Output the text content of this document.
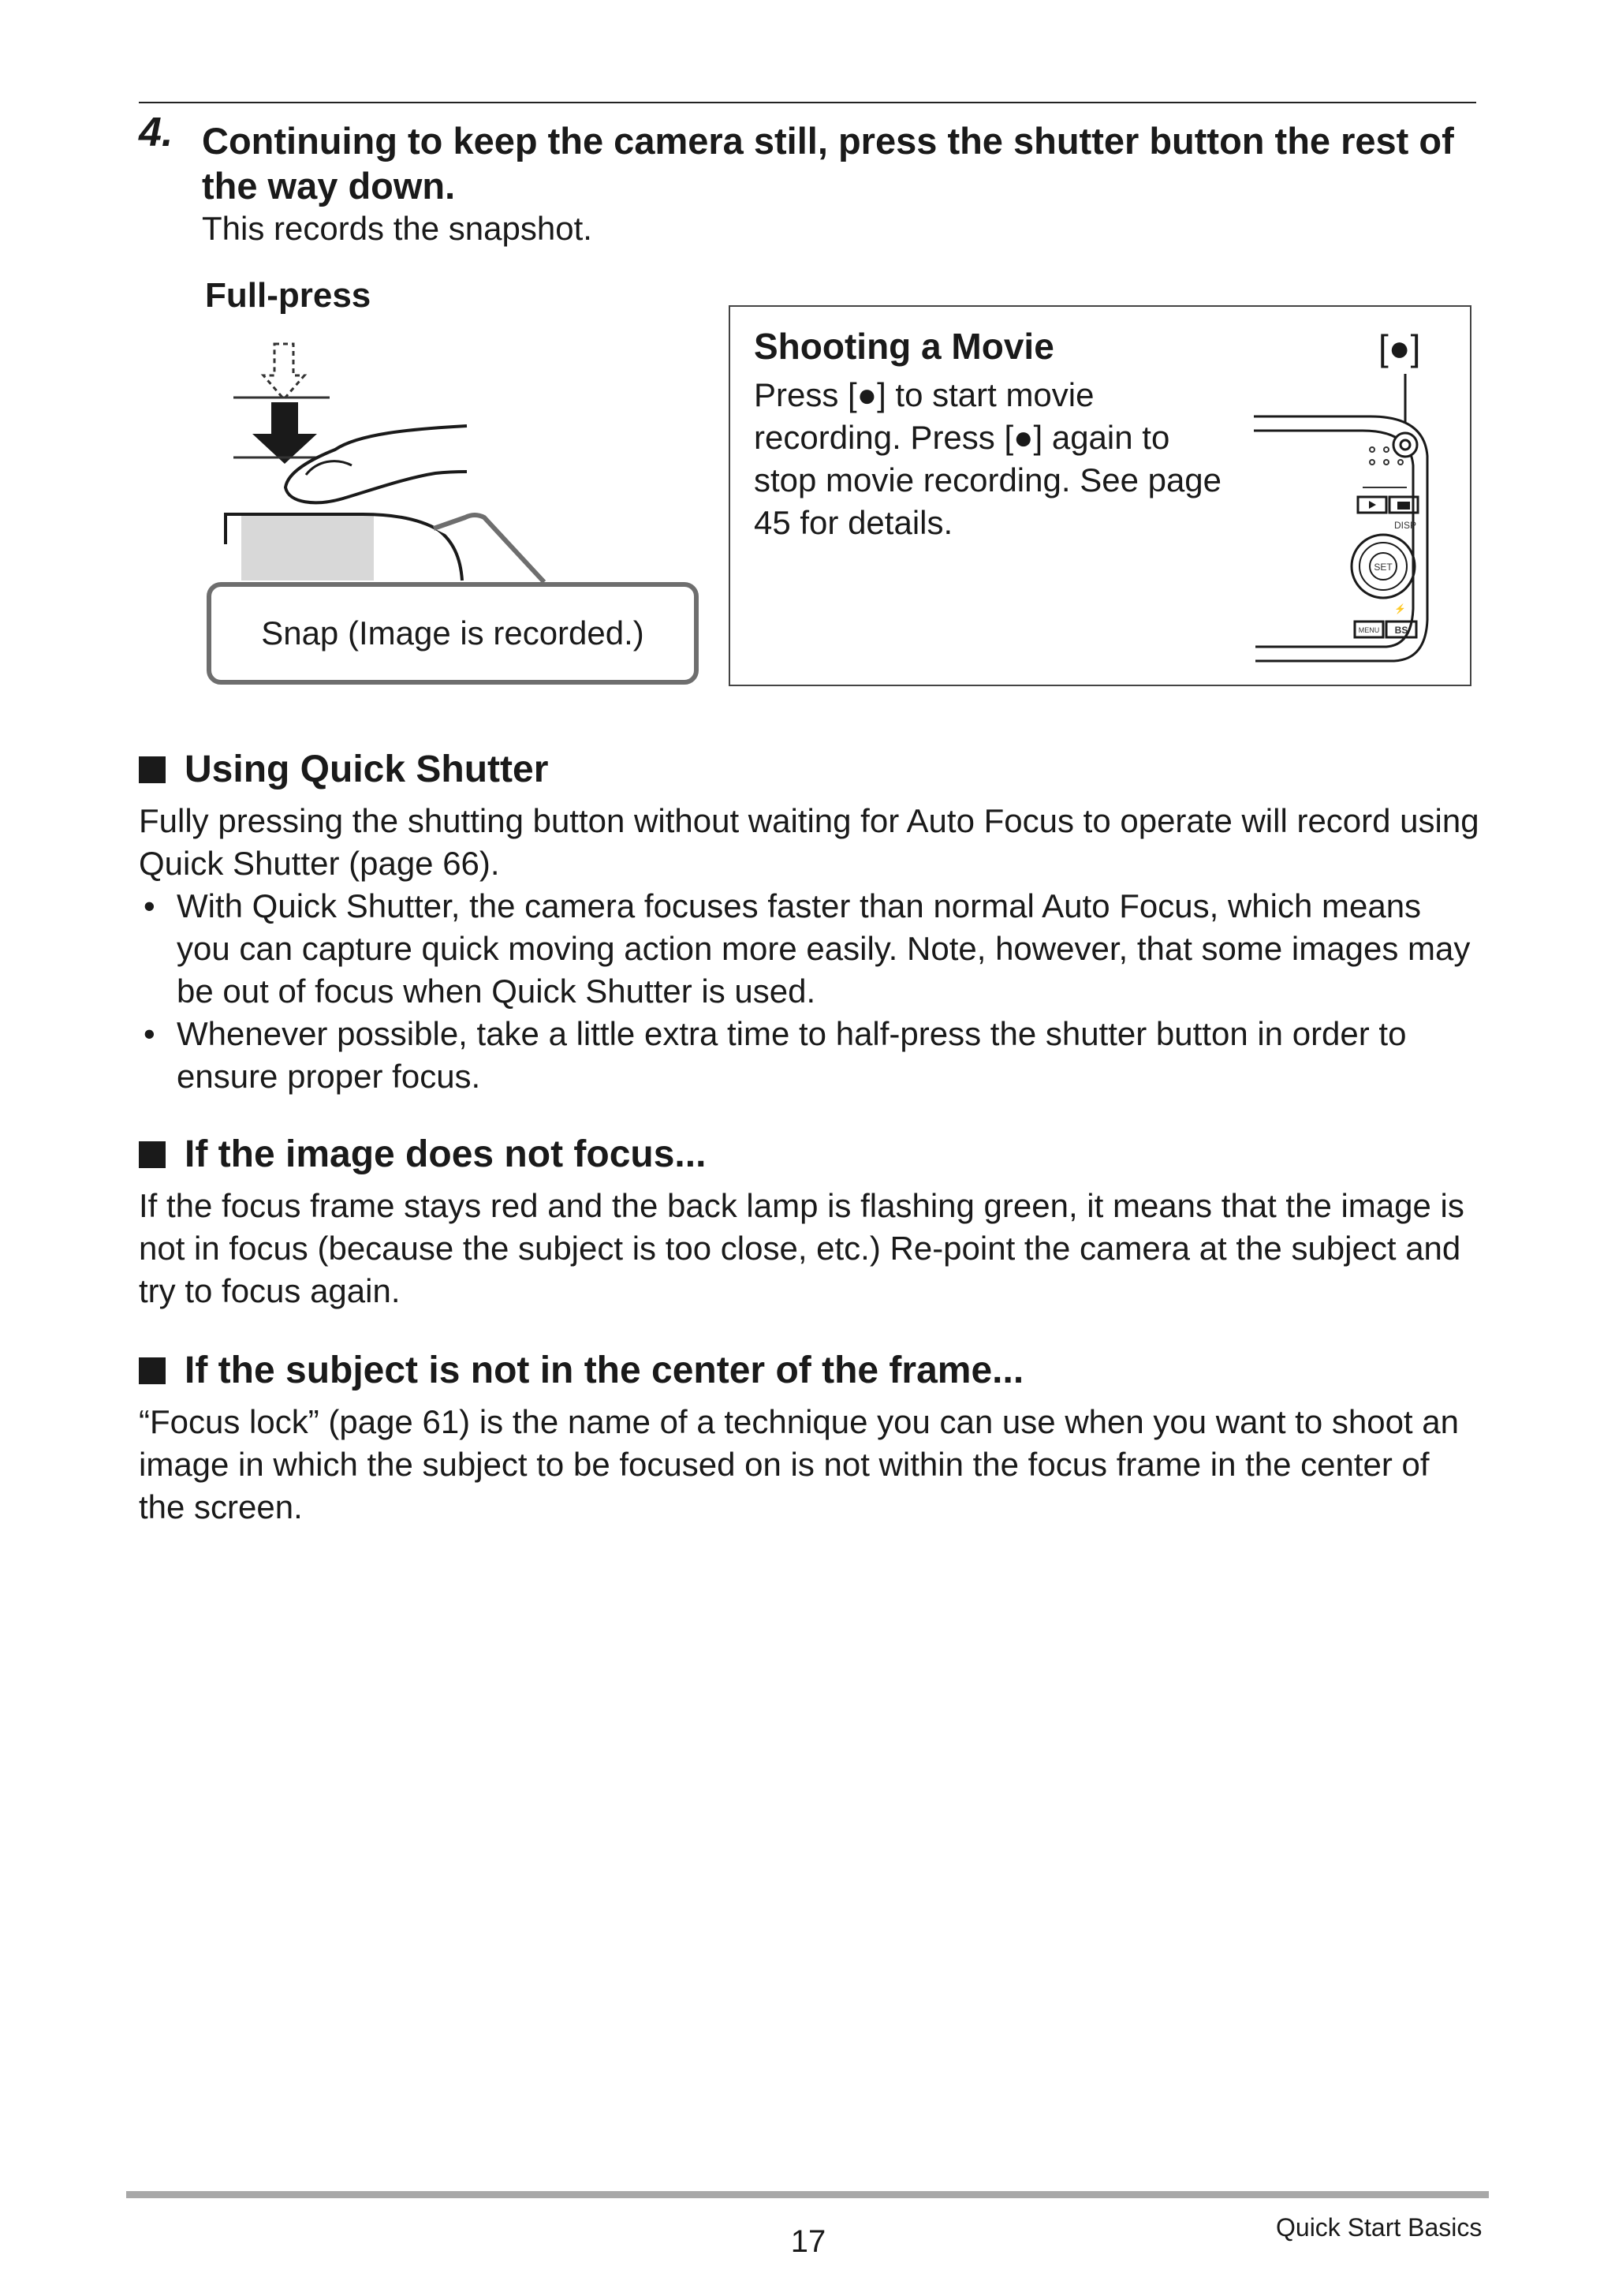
4. Continuing to keep the camera still, press the shutter button the rest of the way down.
This records the snapshot.
Full-press
Snap (Image is recorded.)
Shooting a Movie
Press [●] to start movie recording. Press [●] again to stop movie recording. See page 45 for details.
[●]
DISP
SET
⚡
MENU BS
Using Quick Shutter
Fully pressing the shutting button without waiting for Auto Focus to operate will record using Quick Shutter (page 66).
• With Quick Shutter, the camera focuses faster than normal Auto Focus, which means you can capture quick moving action more easily. Note, however, that some images may be out of focus when Quick Shutter is used.
• Whenever possible, take a little extra time to half-press the shutter button in order to ensure proper focus.
If the image does not focus...
If the focus frame stays red and the back lamp is flashing green, it means that the image is not in focus (because the subject is too close, etc.) Re-point the camera at the subject and try to focus again.
If the subject is not in the center of the frame...
“Focus lock” (page 61) is the name of a technique you can use when you want to shoot an image in which the subject to be focused on is not within the focus frame in the center of the screen.
17	Quick Start Basics
